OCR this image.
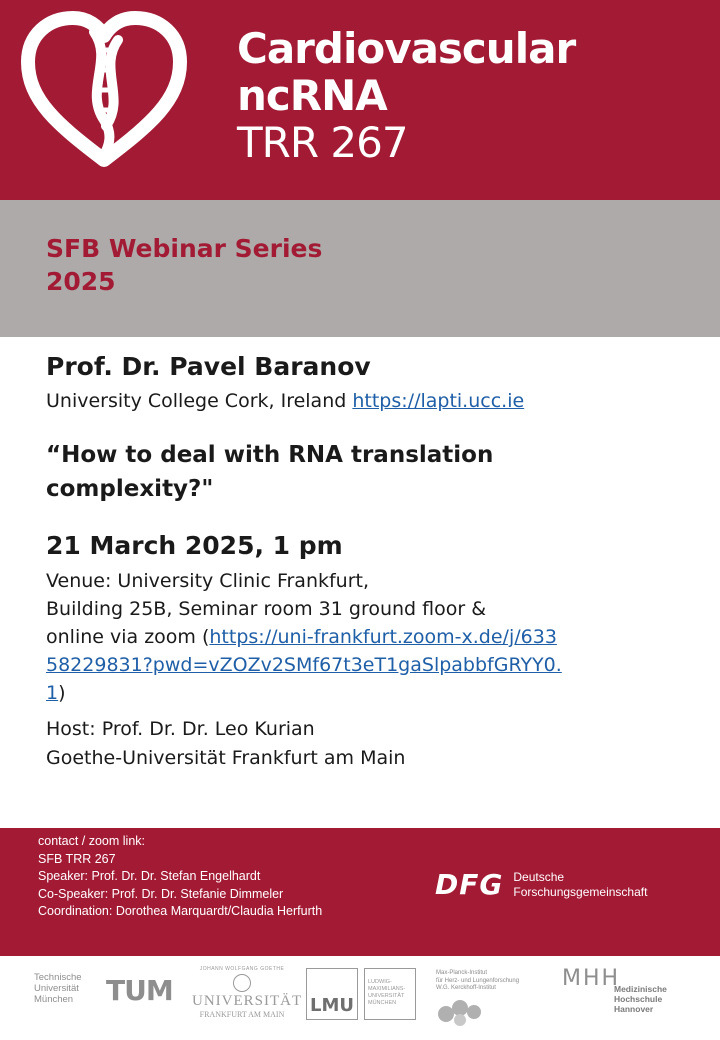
Cardiovascular
ncRNA
TRR 267
SFB Webinar Series
2025
Prof. Dr. Pavel Baranov
University College Cork, Ireland https://lapti.ucc.ie
“How to deal with RNA translation complexity?"
21 March 2025, 1 pm
Venue: University Clinic Frankfurt,
Building 25B, Seminar room 31 ground floor &
online via zoom (https://uni-frankfurt.zoom-x.de/j/63358229831?pwd=vZOZv2SMf67t3eT1gaSlpabbfGRYY0.1)
Host: Prof. Dr. Dr. Leo Kurian
Goethe-Universität Frankfurt am Main
contact / zoom link:
SFB TRR 267
Speaker: Prof. Dr. Dr. Stefan Engelhardt
Co-Speaker: Prof. Dr. Dr. Stefanie Dimmeler
Coordination: Dorothea Marquardt/Claudia Herfurth
DFG Deutsche
Forschungsgemeinschaft
Technische
Universität
München	TUM
JOHANN WOLFGANG GOETHE
UNIVERSITÄT
FRANKFURT AM MAIN	LMU
LUDWIG-
MAXIMILIANS-
UNIVERSITÄT
MÜNCHEN
Max-Planck-Institut
für Herz- und Lungenforschung
W.G. Kerckhoff-Institut	MHH
Medizinische Hochschule
Hannover
